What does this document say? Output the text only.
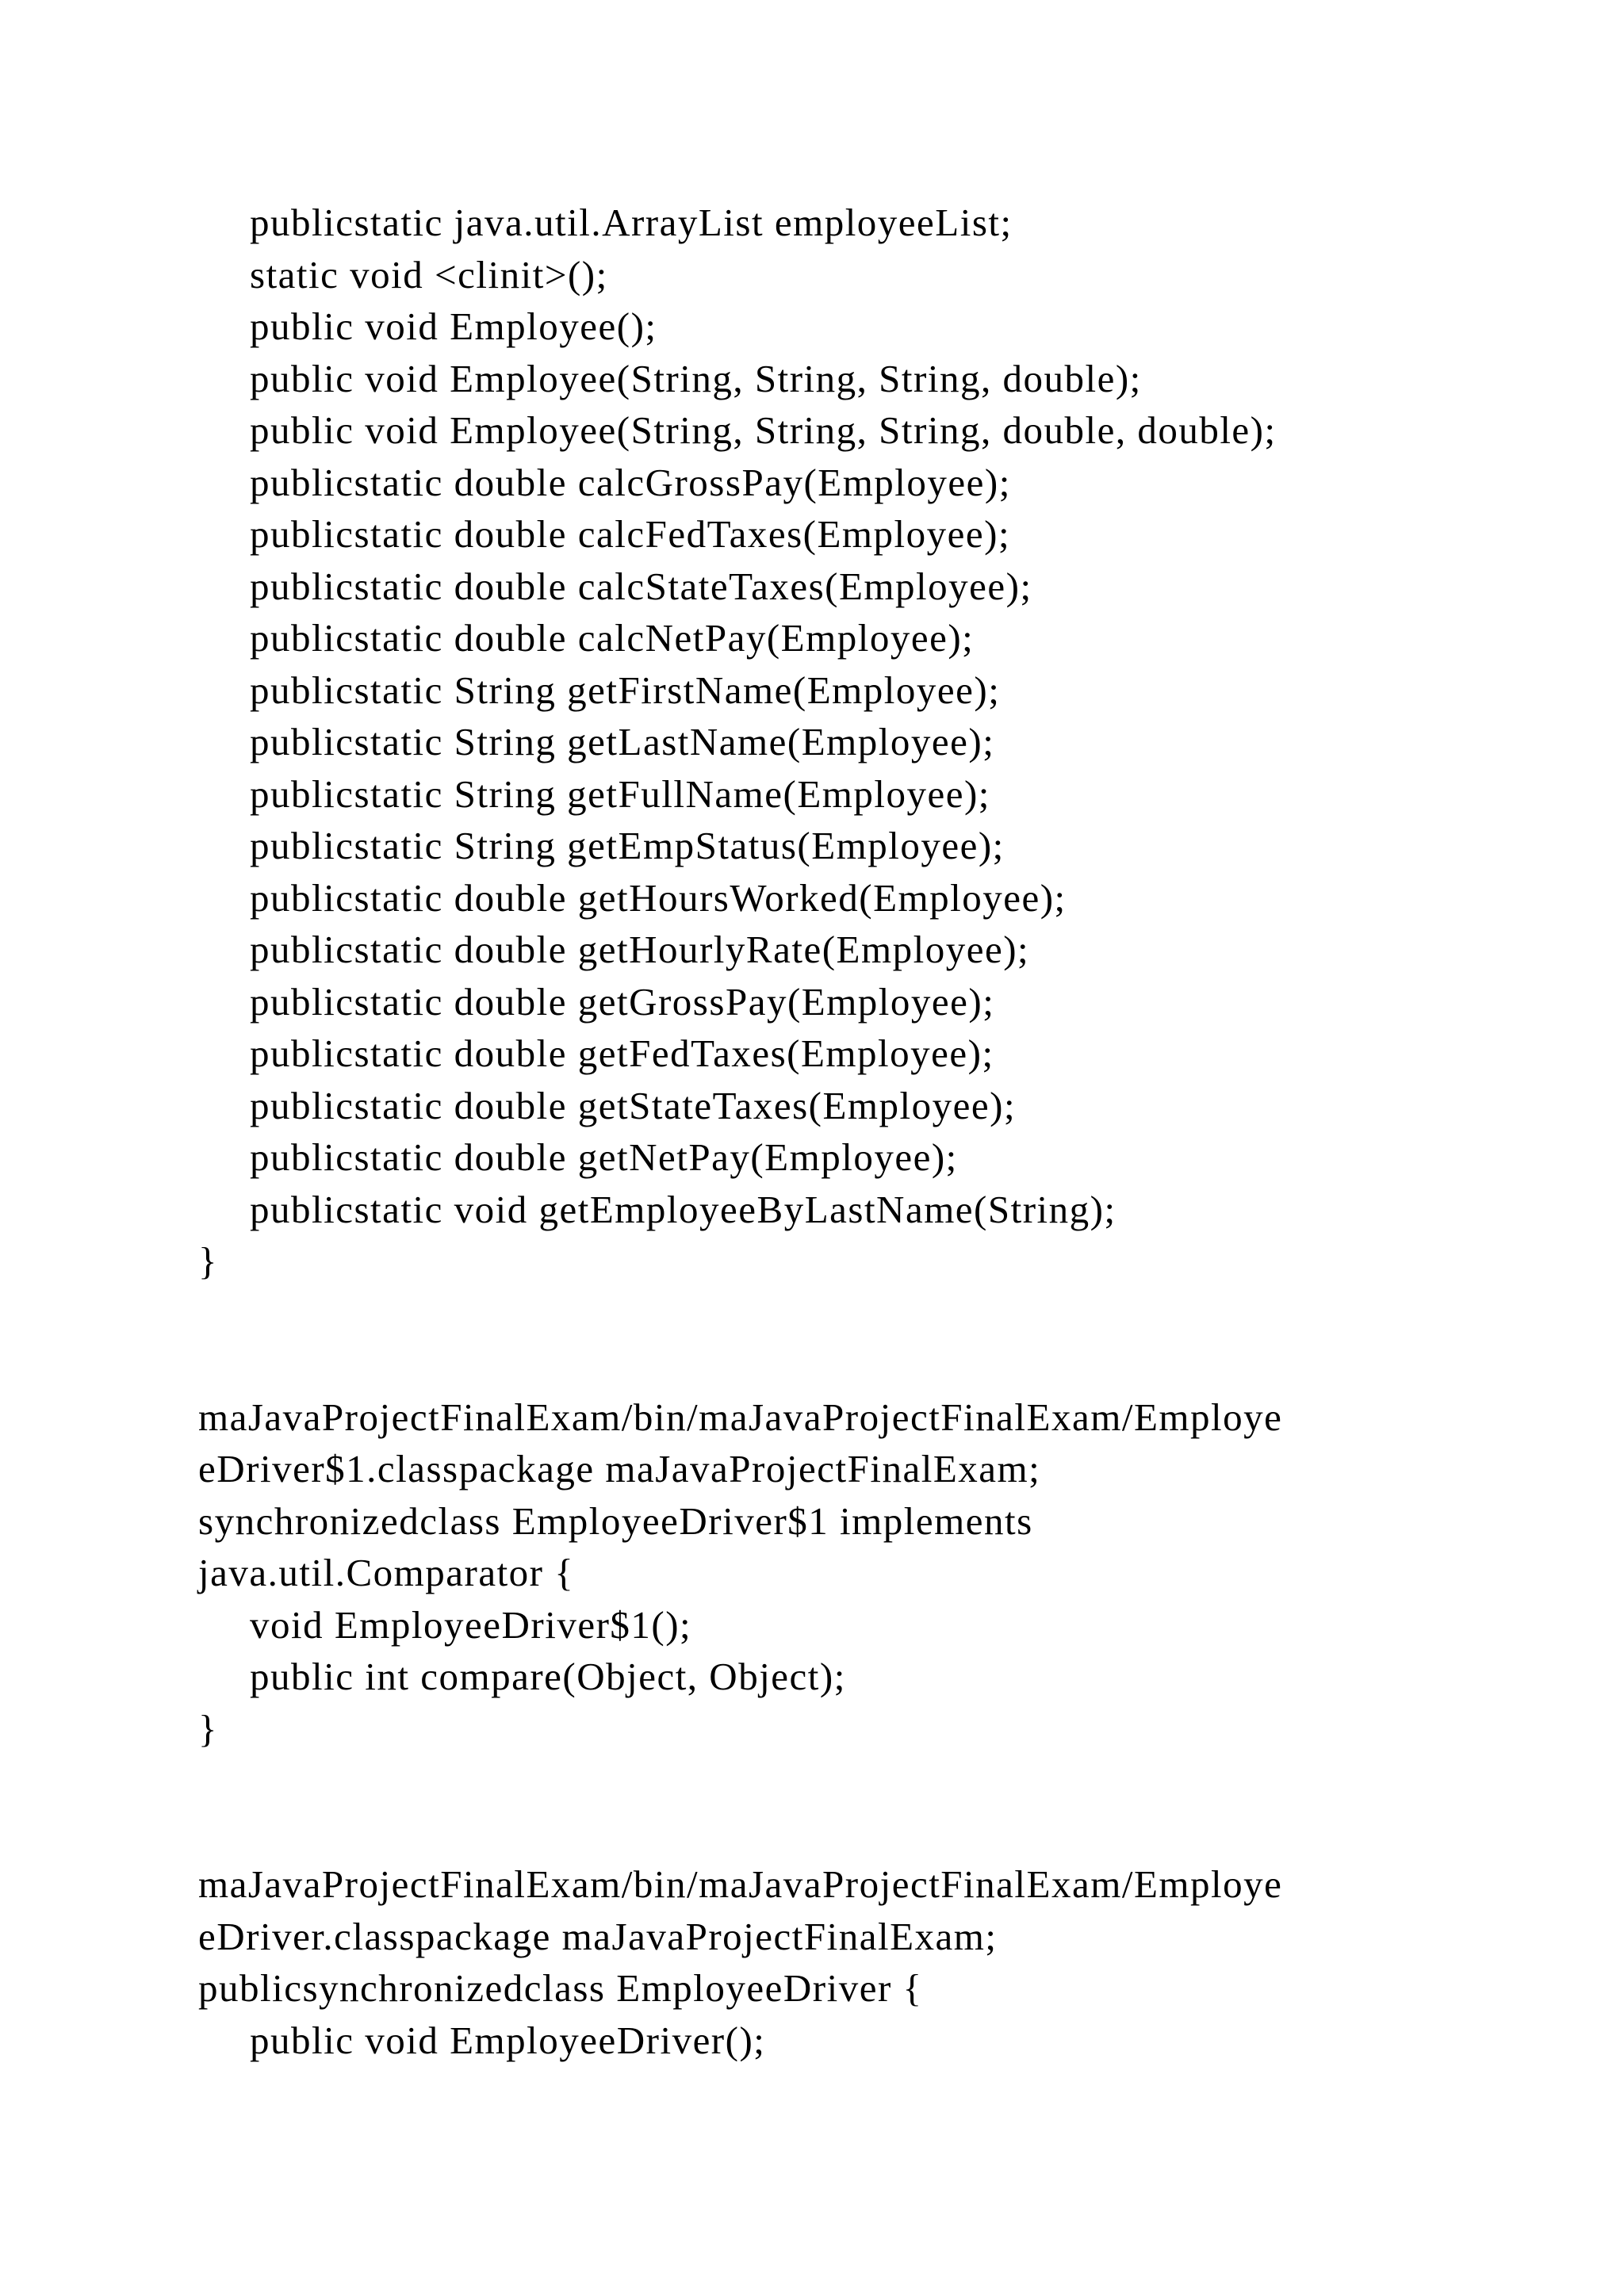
publicstatic java.util.ArrayList employeeList;
static void <clinit>();
public void Employee();
public void Employee(String, String, String, double);
public void Employee(String, String, String, double, double);
publicstatic double calcGrossPay(Employee);
publicstatic double calcFedTaxes(Employee);
publicstatic double calcStateTaxes(Employee);
publicstatic double calcNetPay(Employee);
publicstatic String getFirstName(Employee);
publicstatic String getLastName(Employee);
publicstatic String getFullName(Employee);
publicstatic String getEmpStatus(Employee);
publicstatic double getHoursWorked(Employee);
publicstatic double getHourlyRate(Employee);
publicstatic double getGrossPay(Employee);
publicstatic double getFedTaxes(Employee);
publicstatic double getStateTaxes(Employee);
publicstatic double getNetPay(Employee);
publicstatic void getEmployeeByLastName(String);
}
maJavaProjectFinalExam/bin/maJavaProjectFinalExam/Employe
eDriver$1.classpackage maJavaProjectFinalExam;
synchronizedclass EmployeeDriver$1 implements
java.util.Comparator {
void EmployeeDriver$1();
public int compare(Object, Object);
}
maJavaProjectFinalExam/bin/maJavaProjectFinalExam/Employe
eDriver.classpackage maJavaProjectFinalExam;
publicsynchronizedclass EmployeeDriver {
public void EmployeeDriver();
